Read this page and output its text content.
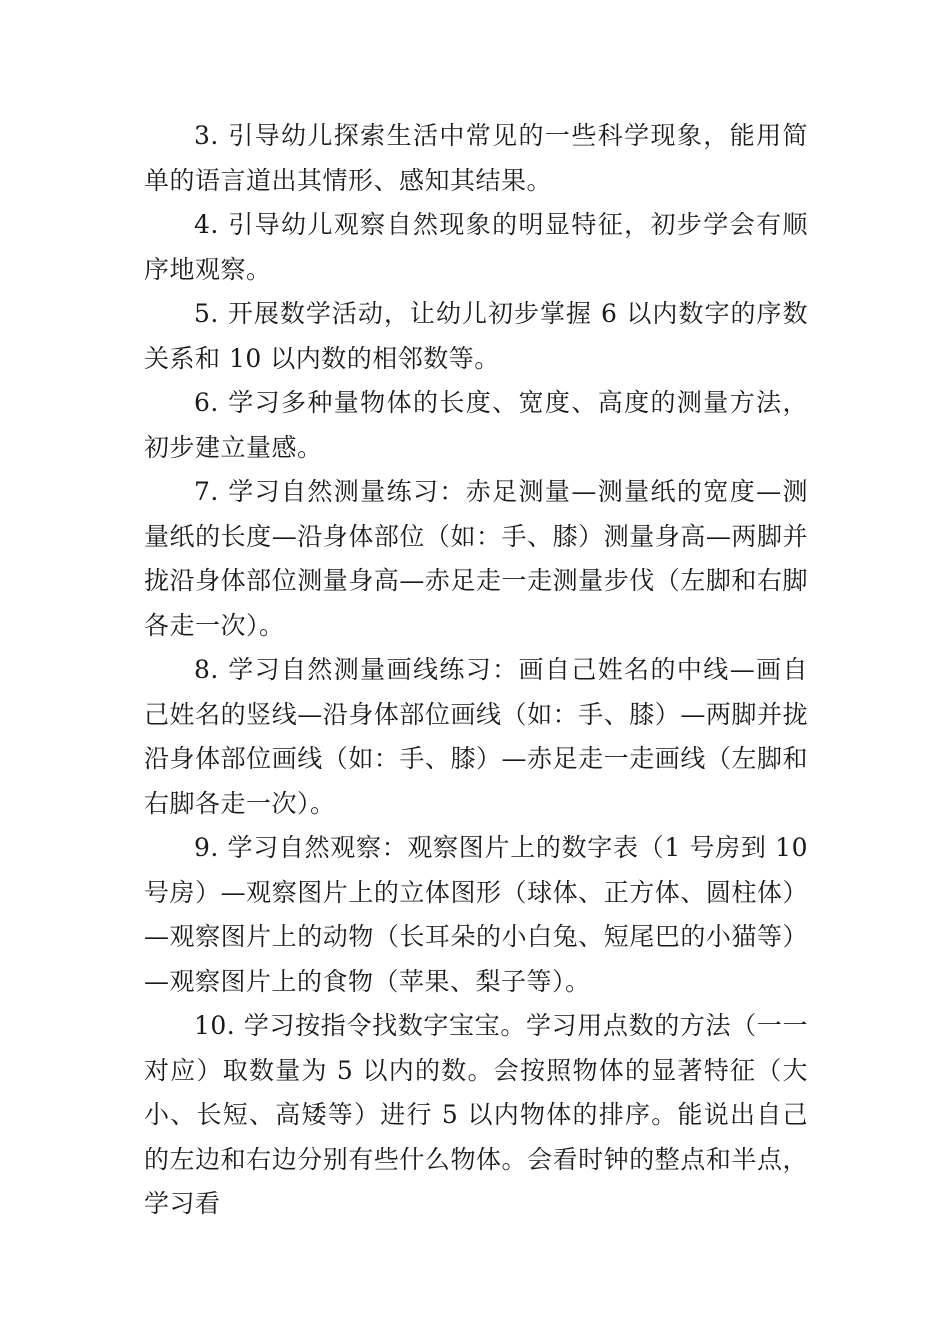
3. 引导幼儿探索生活中常见的一些科学现象，能用简单的语言道出其情形、感知其结果。

4. 引导幼儿观察自然现象的明显特征，初步学会有顺序地观察。

5. 开展数学活动，让幼儿初步掌握 6 以内数字的序数关系和 10 以内数的相邻数等。

6. 学习多种量物体的长度、宽度、高度的测量方法，初步建立量感。

7. 学习自然测量练习：赤足测量—测量纸的宽度—测量纸的长度—沿身体部位（如：手、膝）测量身高—两脚并拢沿身体部位测量身高—赤足走一走测量步伐（左脚和右脚各走一次）。

8. 学习自然测量画线练习：画自己姓名的中线—画自己姓名的竖线—沿身体部位画线（如：手、膝）—两脚并拢沿身体部位画线（如：手、膝）—赤足走一走画线（左脚和右脚各走一次）。

9. 学习自然观察：观察图片上的数字表（1 号房到 10 号房）—观察图片上的立体图形（球体、正方体、圆柱体）—观察图片上的动物（长耳朵的小白兔、短尾巴的小猫等）—观察图片上的食物（苹果、梨子等）。

10. 学习按指令找数字宝宝。学习用点数的方法（一一对应）取数量为 5 以内的数。会按照物体的显著特征（大小、长短、高矮等）进行 5 以内物体的排序。能说出自己的左边和右边分别有些什么物体。会看时钟的整点和半点，学习看
